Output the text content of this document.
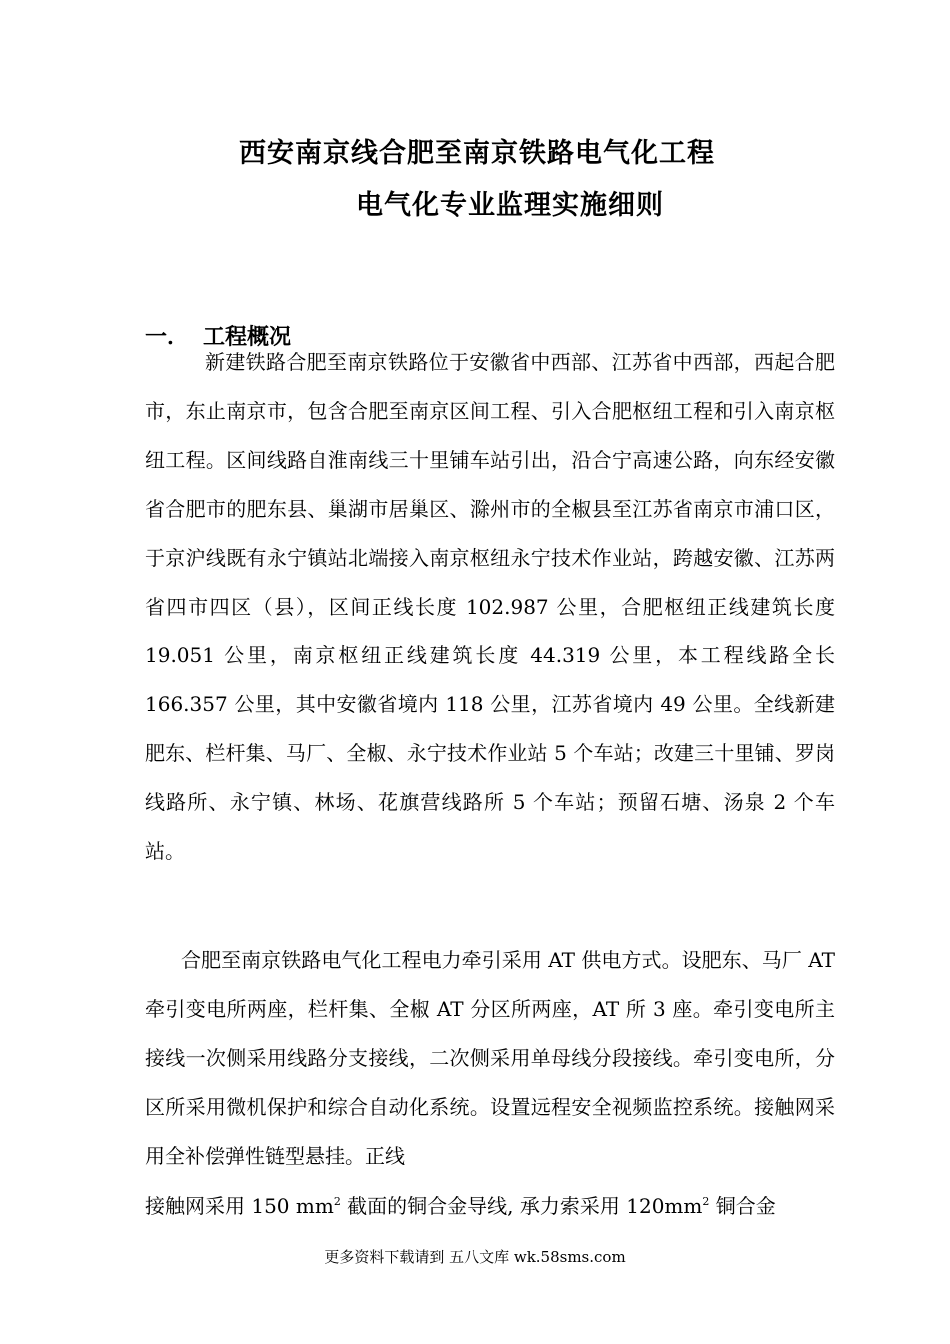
西安南京线合肥至南京铁路电气化工程
电气化专业监理实施细则
一． 工程概况
新建铁路合肥至南京铁路位于安徽省中西部、江苏省中西部，西起合肥市，东止南京市，包含合肥至南京区间工程、引入合肥枢纽工程和引入南京枢纽工程。区间线路自淮南线三十里铺车站引出，沿合宁高速公路，向东经安徽省合肥市的肥东县、巢湖市居巢区、滁州市的全椒县至江苏省南京市浦口区，于京沪线既有永宁镇站北端接入南京枢纽永宁技术作业站，跨越安徽、江苏两省四市四区（县），区间正线长度 102.987 公里，合肥枢纽正线建筑长度 19.051 公里，南京枢纽正线建筑长度 44.319 公里，本工程线路全长 166.357 公里，其中安徽省境内 118 公里，江苏省境内 49 公里。全线新建肥东、栏杆集、马厂、全椒、永宁技术作业站 5 个车站；改建三十里铺、罗岗线路所、永宁镇、林场、花旗营线路所 5 个车站；预留石塘、汤泉 2 个车站。
合肥至南京铁路电气化工程电力牵引采用 AT 供电方式。设肥东、马厂 AT 牵引变电所两座，栏杆集、全椒 AT 分区所两座，AT 所 3 座。牵引变电所主接线一次侧采用线路分支接线，二次侧采用单母线分段接线。牵引变电所，分区所采用微机保护和综合自动化系统。设置远程安全视频监控系统。接触网采用全补偿弹性链型悬挂。正线
接触网采用 150 $mm^2$ 截面的铜合金导线, 承力索采用 $120mm^2$ 铜合金
更多资料下载请到 五八文库 wk.58sms.com
